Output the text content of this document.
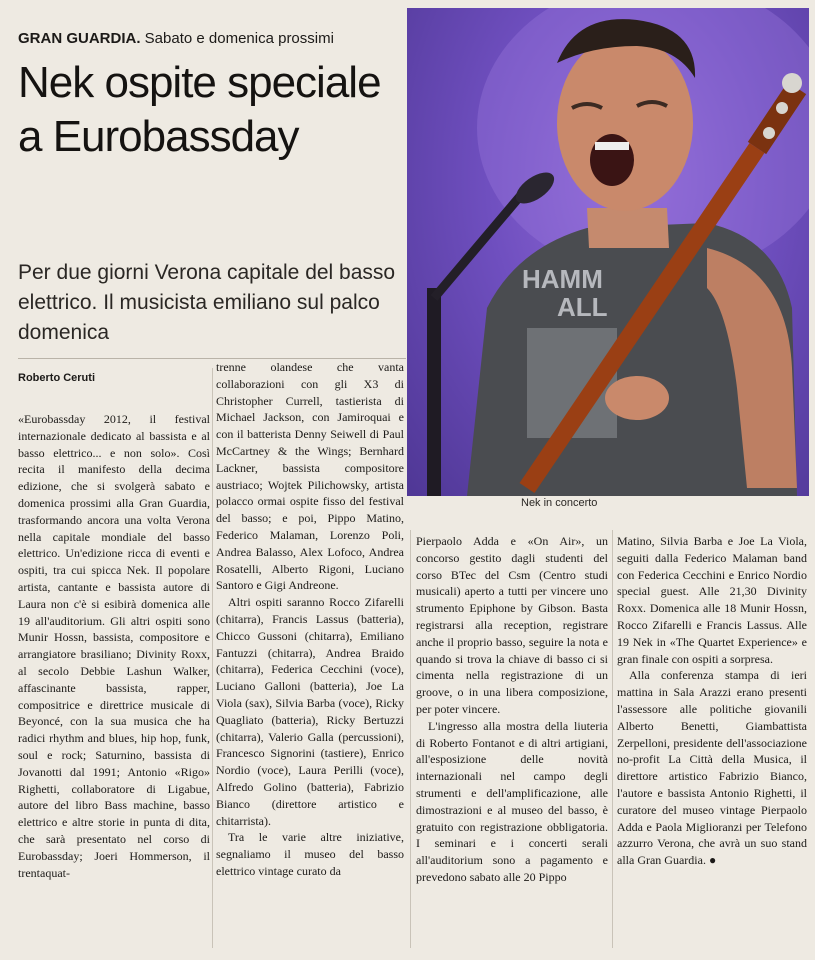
GRAN GUARDIA. Sabato e domenica prossimi
Nek ospite speciale a Eurobassday
Per due giorni Verona capitale del basso elettrico. Il musicista emiliano sul palco domenica
Roberto Ceruti
HAMM
ALL
Nek in concerto

«Eurobassday 2012, il festival internazionale dedicato al bassista e al basso elettrico... e non solo». Così recita il manifesto della decima edizione, che si svolgerà sabato e domenica prossimi alla Gran Guardia, trasformando ancora una volta Verona nella capitale mondiale del basso elettrico. Un'edizione ricca di eventi e ospiti, tra cui spicca Nek. Il popolare artista, cantante e bassista autore di Laura non c'è si esibirà domenica alle 19 all'auditorium. Gli altri ospiti sono Munir Hossn, bassista, compositore e arrangiatore brasiliano; Divinity Roxx, al secolo Debbie Lashun Walker, affascinante bassista, rapper, compositrice e direttrice musicale di Beyoncé, con la sua musica che ha radici rhythm and blues, hip hop, funk, soul e rock; Saturnino, bassista di Jovanotti dal 1991; Antonio «Rigo» Righetti, collaboratore di Ligabue, autore del libro Bass machine, basso elettrico e altre storie in punta di dita, che sarà presentato nel corso di Eurobassday; Joeri Hommerson, il trentaquat-

trenne olandese che vanta collaborazioni con gli X3 di Christopher Currell, tastierista di Michael Jackson, con Jamiroquai e con il batterista Denny Seiwell di Paul McCartney & the Wings; Bernhard Lackner, bassista compositore austriaco; Wojtek Pilichowsky, artista polacco ormai ospite fisso del festival del basso; e poi, Pippo Matino, Federico Malaman, Lorenzo Poli, Andrea Balasso, Alex Lofoco, Andrea Rosatelli, Alberto Rigoni, Luciano Santoro e Gigi Andreone.

Altri ospiti saranno Rocco Zifarelli (chitarra), Francis Lassus (batteria), Chicco Gussoni (chitarra), Emiliano Fantuzzi (chitarra), Andrea Braido (chitarra), Federica Cecchini (voce), Luciano Galloni (batteria), Joe La Viola (sax), Silvia Barba (voce), Ricky Quagliato (batteria), Ricky Bertuzzi (chitarra), Valerio Galla (percussioni), Francesco Signorini (tastiere), Enrico Nordio (voce), Laura Perilli (voce), Alfredo Golino (batteria), Fabrizio Bianco (direttore artistico e chitarrista).

Tra le varie altre iniziative, segnaliamo il museo del basso elettrico vintage curato da

Pierpaolo Adda e «On Air», un concorso gestito dagli studenti del corso BTec del Csm (Centro studi musicali) aperto a tutti per vincere uno strumento Epiphone by Gibson. Basta registrarsi alla reception, registrare anche il proprio basso, seguire la nota e quando si trova la chiave di basso ci si cimenta nella registrazione di un groove, o in una libera composizione, per poter vincere.

L'ingresso alla mostra della liuteria di Roberto Fontanot e di altri artigiani, all'esposizione delle novità internazionali nel campo degli strumenti e dell'amplificazione, alle dimostrazioni e al museo del basso, è gratuito con registrazione obbligatoria. I seminari e i concerti serali all'auditorium sono a pagamento e prevedono sabato alle 20 Pippo

Matino, Silvia Barba e Joe La Viola, seguiti dalla Federico Malaman band con Federica Cecchini e Enrico Nordio special guest. Alle 21,30 Divinity Roxx. Domenica alle 18 Munir Hossn, Rocco Zifarelli e Francis Lassus. Alle 19 Nek in «The Quartet Experience» e gran finale con ospiti a sorpresa.

Alla conferenza stampa di ieri mattina in Sala Arazzi erano presenti l'assessore alle politiche giovanili Alberto Benetti, Giambattista Zerpelloni, presidente dell'associazione no-profit La Città della Musica, il direttore artistico Fabrizio Bianco, l'autore e bassista Antonio Righetti, il curatore del museo vintage Pierpaolo Adda e Paola Miglioranzi per Telefono azzurro Verona, che avrà un suo stand alla Gran Guardia. ●
